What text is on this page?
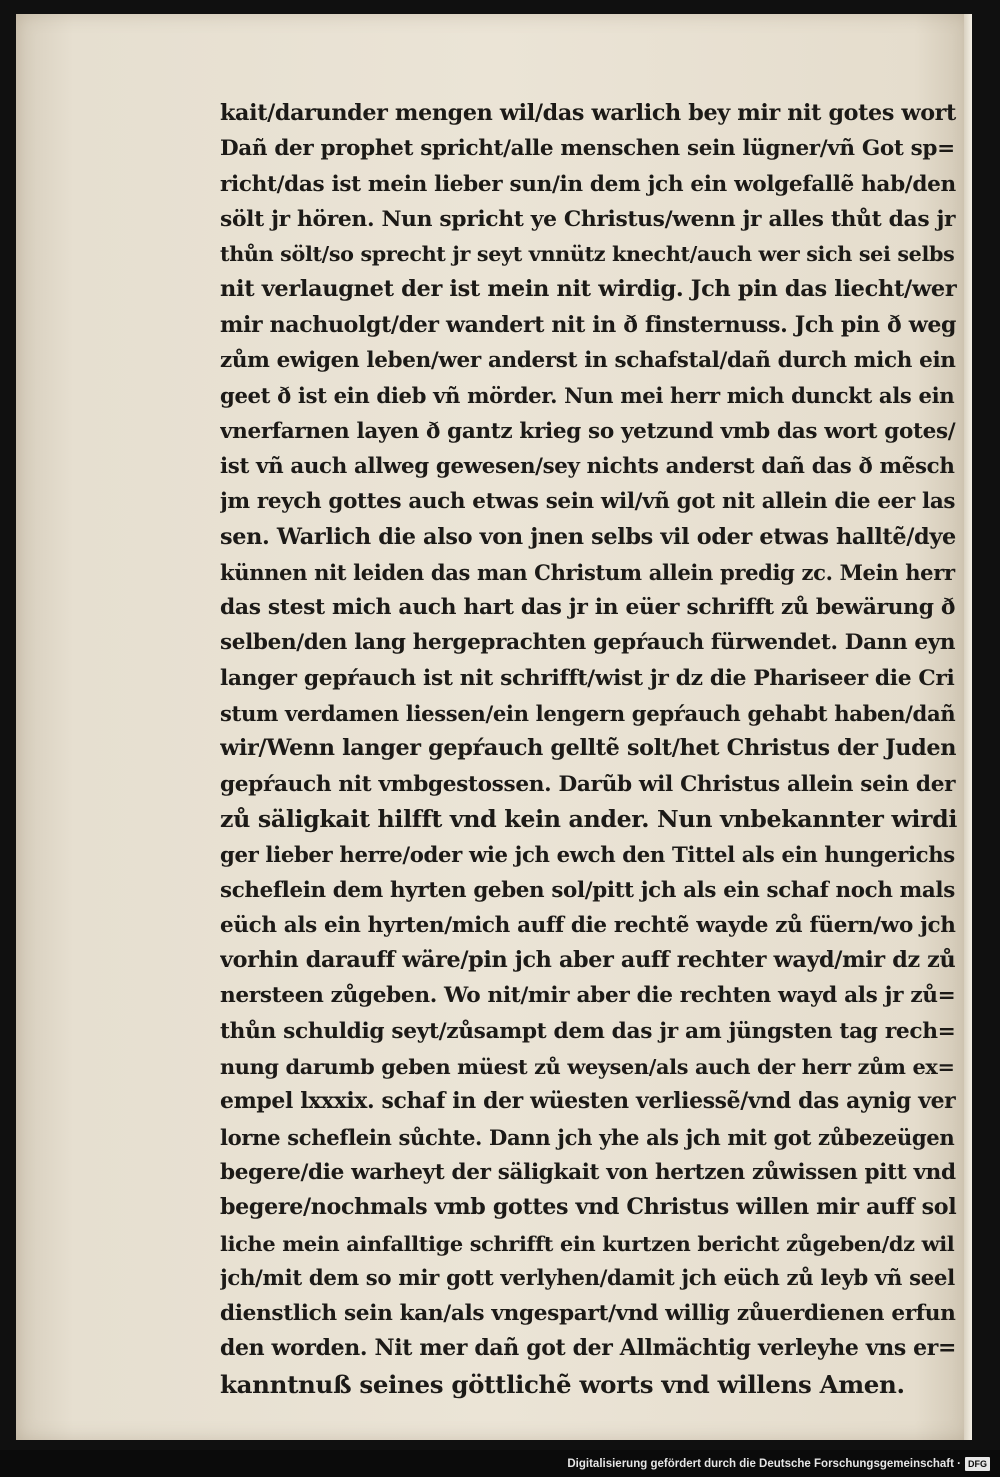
kait/darunder mengen wil/das warlich bey mir nit gotes wort
Dañ der prophet spricht/alle menschen sein lügner/vñ Got sp=
richt/das ist mein lieber sun/in dem jch ein wolgefallẽ hab/den
sölt jr hören. Nun spricht ye Christus/wenn jr alles thůt das jr
thůn sölt/so sprecht jr seyt vnnütz knecht/auch wer sich sei selbs
nit verlaugnet der ist mein nit wirdig. Jch pin das liecht/wer
mir nachuolgt/der wandert nit in ð finsternuss. Jch pin ð weg
zům ewigen leben/wer anderst in schafstal/dañ durch mich ein
geet ð ist ein dieb vñ mörder. Nun mei herr mich dunckt als ein
vnerfarnen layen ð gantz krieg so yetzund vmb das wort gotes/
ist vñ auch allweg gewesen/sey nichts anderst dañ das ð mẽsch
jm reych gottes auch etwas sein wil/vñ got nit allein die eer las
sen. Warlich die also von jnen selbs vil oder etwas halltẽ/dye
künnen nit leiden das man Christum allein predig zc. Mein herr
das stest mich auch hart das jr in eüer schrifft zů bewärung ð
selben/den lang hergeprachten gepŕauch fürwendet. Dann eyn
langer gepŕauch ist nit schrifft/wist jr dz die Phariseer die Cri
stum verdamen liessen/ein lengern gepŕauch gehabt haben/dañ
wir/Wenn langer gepŕauch gelltẽ solt/het Christus der Juden
gepŕauch nit vmbgestossen. Darũb wil Christus allein sein der
zů säligkait hilfft vnd kein ander. Nun vnbekannter wirdi
ger lieber herre/oder wie jch ewch den Tittel als ein hungerichs
scheflein dem hyrten geben sol/pitt jch als ein schaf noch mals
eüch als ein hyrten/mich auff die rechtẽ wayde zů füern/wo jch
vorhin darauff wäre/pin jch aber auff rechter wayd/mir dz zů
nersteen zůgeben. Wo nit/mir aber die rechten wayd als jr zů=
thůn schuldig seyt/zůsampt dem das jr am jüngsten tag rech=
nung darumb geben müest zů weysen/als auch der herr zům ex=
empel lxxxix. schaf in der wüesten verliessẽ/vnd das aynig ver
lorne scheflein sůchte. Dann jch yhe als jch mit got zůbezeügen
begere/die warheyt der säligkait von hertzen zůwissen pitt vnd
begere/nochmals vmb gottes vnd Christus willen mir auff sol
liche mein ainfalltige schrifft ein kurtzen bericht zůgeben/dz wil
jch/mit dem so mir gott verlyhen/damit jch eüch zů leyb vñ seel
dienstlich sein kan/als vngespart/vnd willig zůuerdienen erfun
den worden. Nit mer dañ got der Allmächtig verleyhe vns er=
kanntnuß seines göttlichẽ worts vnd willens Amen.
Digitalisierung gefördert durch die Deutsche Forschungsgemeinschaft · DFG
